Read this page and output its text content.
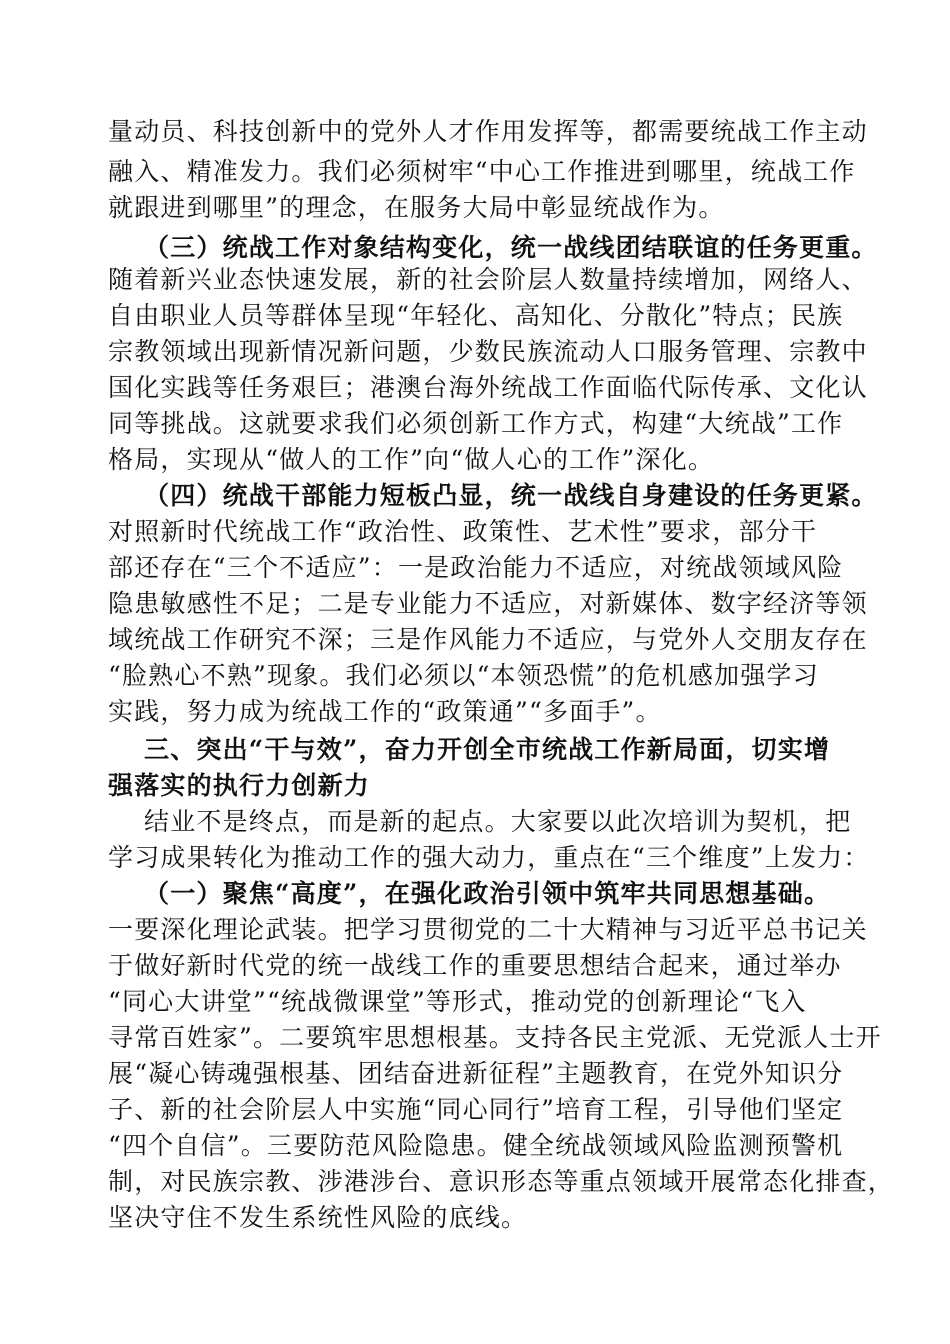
量动员、科技创新中的党外人才作用发挥等，都需要统战工作主动
融入、精准发力。我们必须树牢“中心工作推进到哪里，统战工作
就跟进到哪里”的理念，在服务大局中彰显统战作为。
（三）统战工作对象结构变化，统一战线团结联谊的任务更重。
随着新兴业态快速发展，新的社会阶层人数量持续增加，网络人、
自由职业人员等群体呈现“年轻化、高知化、分散化”特点；民族
宗教领域出现新情况新问题，少数民族流动人口服务管理、宗教中
国化实践等任务艰巨；港澳台海外统战工作面临代际传承、文化认
同等挑战。这就要求我们必须创新工作方式，构建“大统战”工作
格局，实现从“做人的工作”向“做人心的工作”深化。
（四）统战干部能力短板凸显，统一战线自身建设的任务更紧。
对照新时代统战工作“政治性、政策性、艺术性”要求，部分干
部还存在“三个不适应”：一是政治能力不适应，对统战领域风险
隐患敏感性不足；二是专业能力不适应，对新媒体、数字经济等领
域统战工作研究不深；三是作风能力不适应，与党外人交朋友存在
“脸熟心不熟”现象。我们必须以“本领恐慌”的危机感加强学习
实践，努力成为统战工作的“政策通”“多面手”。
三、突出“干与效”，奋力开创全市统战工作新局面，切实增
强落实的执行力创新力
结业不是终点，而是新的起点。大家要以此次培训为契机，把
学习成果转化为推动工作的强大动力，重点在“三个维度”上发力：
（一）聚焦“高度”，在强化政治引领中筑牢共同思想基础。
一要深化理论武装。把学习贯彻党的二十大精神与习近平总书记关
于做好新时代党的统一战线工作的重要思想结合起来，通过举办
“同心大讲堂”“统战微课堂”等形式，推动党的创新理论“飞入
寻常百姓家”。二要筑牢思想根基。支持各民主党派、无党派人士开
展“凝心铸魂强根基、团结奋进新征程”主题教育，在党外知识分
子、新的社会阶层人中实施“同心同行”培育工程，引导他们坚定
“四个自信”。三要防范风险隐患。健全统战领域风险监测预警机
制，对民族宗教、涉港涉台、意识形态等重点领域开展常态化排查，
坚决守住不发生系统性风险的底线。
